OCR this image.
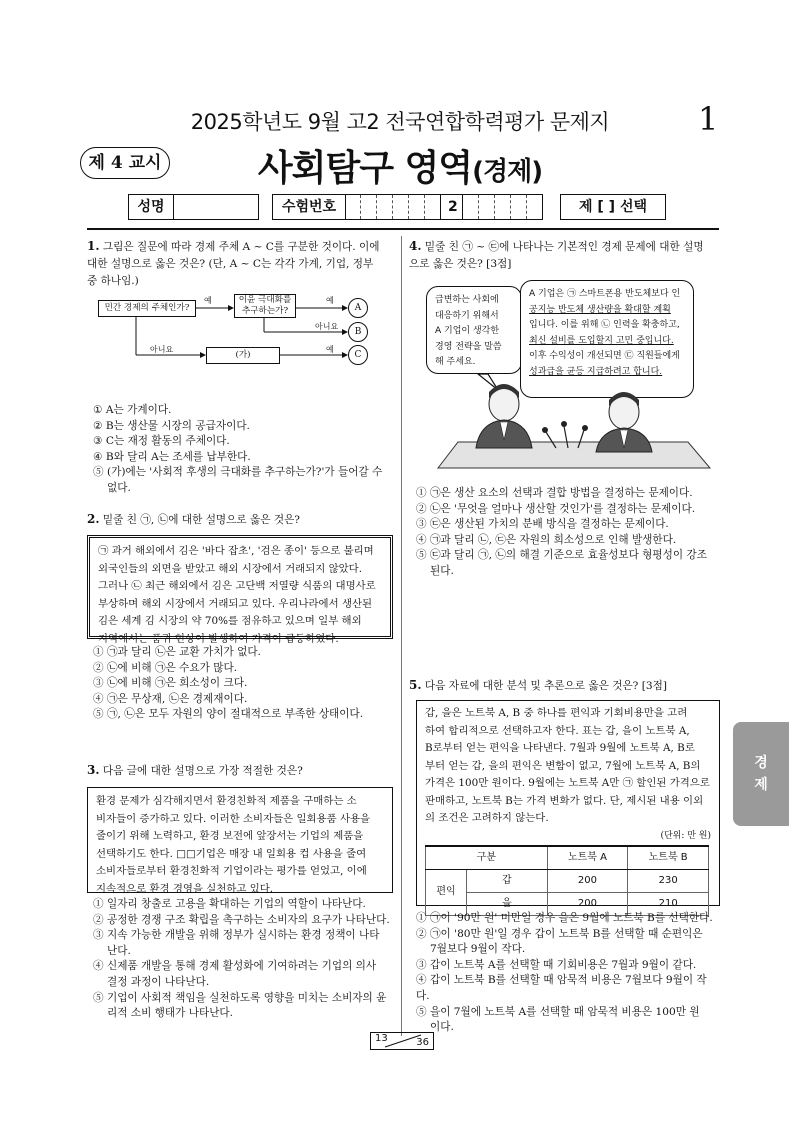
2025학년도 9월 고2 전국연합학력평가 문제지	1
제 4 교시	사회탐구 영역(경제)
성명	수험번호	2	제 [ ] 선택
1. 그림은 질문에 따라 경제 주체 A ~ C를 구분한 것이다. 이에
대한 설명으로 옳은 것은? (단, A ~ C는 각각 가계, 기업, 정부
중 하나임.)
민간 경제의 주체인가?
이윤 극대화를
추구하는가?
(가)
예	예
아니요
아니요	예
A
B
C
① A는 가계이다.
② B는 생산물 시장의 공급자이다.
③ C는 재정 활동의 주체이다.
④ B와 달리 A는 조세를 납부한다.
⑤ (가)에는 '사회적 후생의 극대화를 추구하는가?'가 들어갈 수
없다.
2. 밑줄 친 ㉠, ㉡에 대한 설명으로 옳은 것은?
㉠ 과거 해외에서 김은 '바다 잡초', '검은 종이' 등으로 불리며
외국인들의 외면을 받았고 해외 시장에서 거래되지 않았다.
그러나 ㉡ 최근 해외에서 김은 고단백 저열량 식품의 대명사로
부상하며 해외 시장에서 거래되고 있다. 우리나라에서 생산된
김은 세계 김 시장의 약 70%를 점유하고 있으며 일부 해외
지역에서는 품귀 현상이 발생하여 가격이 급등하였다.
① ㉠과 달리 ㉡은 교환 가치가 없다.
② ㉡에 비해 ㉠은 수요가 많다.
③ ㉡에 비해 ㉠은 희소성이 크다.
④ ㉠은 무상재, ㉡은 경제재이다.
⑤ ㉠, ㉡은 모두 자원의 양이 절대적으로 부족한 상태이다.
3. 다음 글에 대한 설명으로 가장 적절한 것은?
환경 문제가 심각해지면서 환경친화적 제품을 구매하는 소
비자들이 증가하고 있다. 이러한 소비자들은 일회용품 사용을
줄이기 위해 노력하고, 환경 보전에 앞장서는 기업의 제품을
선택하기도 한다. □□기업은 매장 내 일회용 컵 사용을 줄여
소비자들로부터 환경친화적 기업이라는 평가를 얻었고, 이에
지속적으로 환경 경영을 실천하고 있다.
① 일자리 창출로 고용을 확대하는 기업의 역할이 나타난다.
② 공정한 경쟁 구조 확립을 촉구하는 소비자의 요구가 나타난다.
③ 지속 가능한 개발을 위해 정부가 실시하는 환경 정책이 나타
난다.
④ 신제품 개발을 통해 경제 활성화에 기여하려는 기업의 의사
결정 과정이 나타난다.
⑤ 기업이 사회적 책임을 실천하도록 영향을 미치는 소비자의 윤
리적 소비 행태가 나타난다.
4. 밑줄 친 ㉠ ~ ㉢에 나타나는 기본적인 경제 문제에 대한 설명
으로 옳은 것은? [3점]
급변하는 사회에
대응하기 위해서
A 기업이 생각한
경영 전략을 말씀
해 주세요.
A 기업은 ㉠ 스마트폰용 반도체보다 인
공지능 반도체 생산량을 확대할 계획
입니다. 이를 위해 ㉡ 인력을 확충하고,
최신 설비를 도입할지 고민 중입니다.
이후 수익성이 개선되면 ㉢ 직원들에게
성과급을 균등 지급하려고 합니다.
① ㉠은 생산 요소의 선택과 결합 방법을 결정하는 문제이다.
② ㉡은 '무엇을 얼마나 생산할 것인가'를 결정하는 문제이다.
③ ㉢은 생산된 가치의 분배 방식을 결정하는 문제이다.
④ ㉠과 달리 ㉡, ㉢은 자원의 희소성으로 인해 발생한다.
⑤ ㉢과 달리 ㉠, ㉡의 해결 기준으로 효율성보다 형평성이 강조
된다.
5. 다음 자료에 대한 분석 및 추론으로 옳은 것은? [3점]
갑, 을은 노트북 A, B 중 하나를 편익과 기회비용만을 고려
하여 합리적으로 선택하고자 한다. 표는 갑, 을이 노트북 A,
B로부터 얻는 편익을 나타낸다. 7월과 9월에 노트북 A, B로
부터 얻는 갑, 을의 편익은 변함이 없고, 7월에 노트북 A, B의
가격은 100만 원이다. 9월에는 노트북 A만 ㉠ 할인된 가격으로
판매하고, 노트북 B는 가격 변화가 없다. 단, 제시된 내용 이외
의 조건은 고려하지 않는다.
(단위: 만 원)
구분		노트북 A	노트북 B
편익	갑	200	230
	을	200	210
① ㉠이 '90만 원' 미만일 경우 을은 9월에 노트북 B를 선택한다.
② ㉠이 '80만 원'일 경우 갑이 노트북 B를 선택할 때 순편익은
7월보다 9월이 작다.
③ 갑이 노트북 A를 선택할 때 기회비용은 7월과 9월이 같다.
④ 갑이 노트북 B를 선택할 때 암묵적 비용은 7월보다 9월이 작다.
⑤ 을이 7월에 노트북 A를 선택할 때 암묵적 비용은 100만 원
이다.
경
제
13	36
